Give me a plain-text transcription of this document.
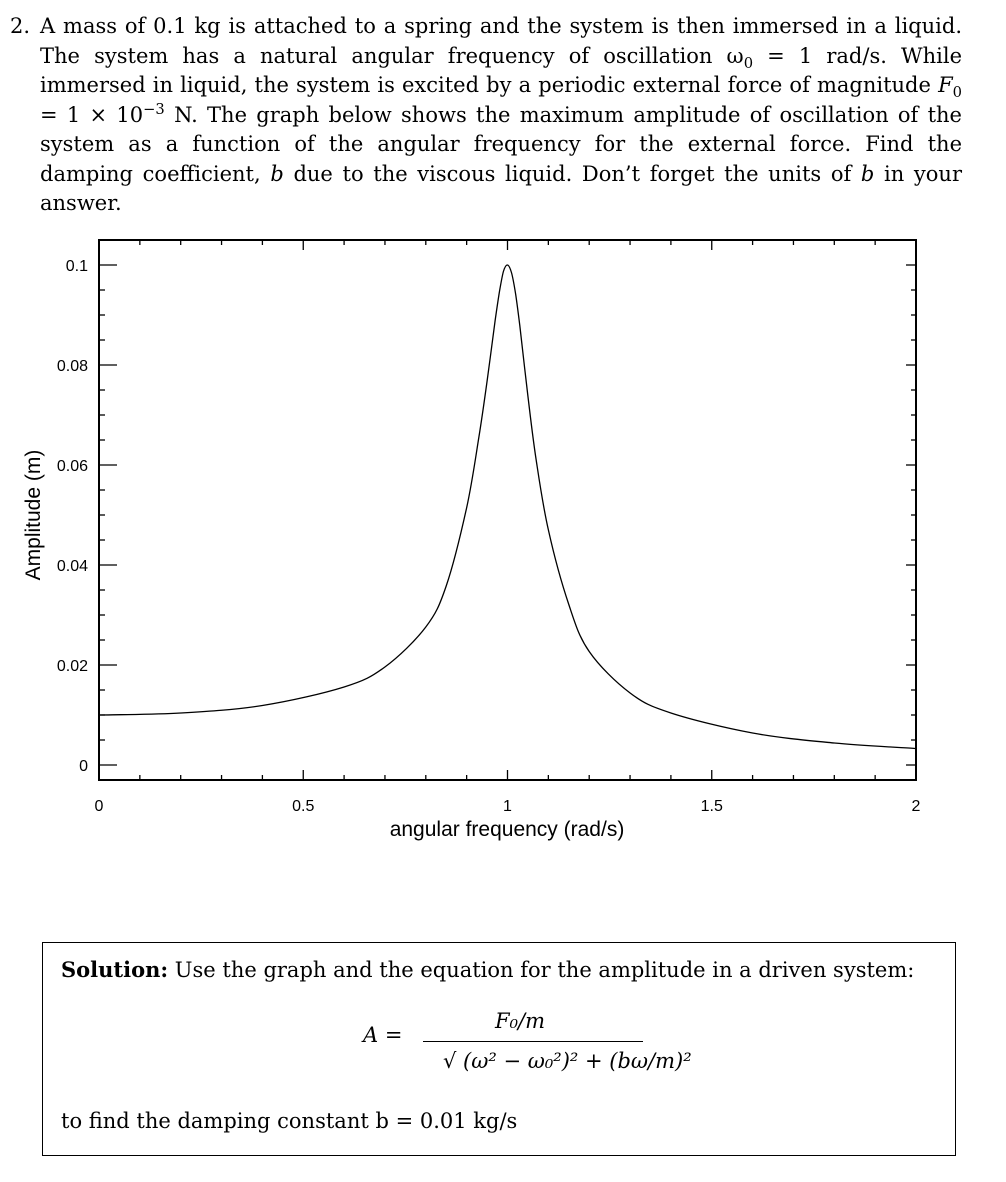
2. A mass of 0.1 kg is attached to a spring and the system is then immersed in a liquid. The system has a natural angular frequency of oscillation $\omega_0 = 1$ rad/s. While immersed in liquid, the system is excited by a periodic external force of magnitude $F_0 = 1 \times 10^{-3}$ N. The graph below shows the maximum amplitude of oscillation of the system as a function of the angular frequency for the external force. Find the damping coefficient, b due to the viscous liquid. Don’t forget the units of b in your answer.

0	0.5	1	1.5	2
0
0.02
0.04
0.06
0.08
0.1
angular frequency (rad/s)
Amplitude (m)
Solution: Use the graph and the equation for the amplitude in a driven system:
A =
F₀/m
√ (ω² − ω₀²)² + (bω/m)²
to find the damping constant b = 0.01 kg/s
